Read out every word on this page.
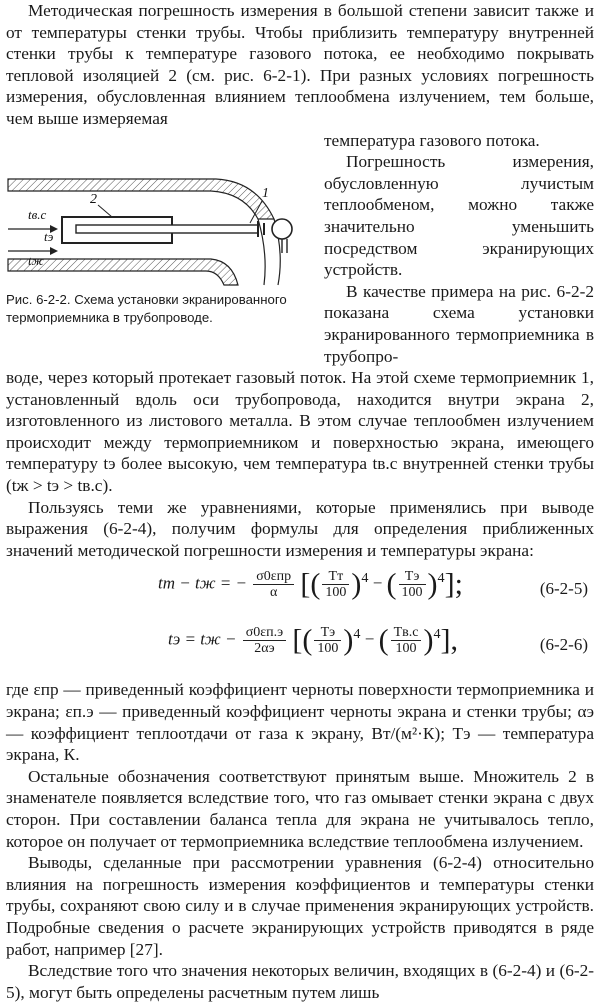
Методическая погрешность измерения в большой степени зависит также и от температуры стенки трубы. Чтобы приблизить температуру внутренней стенки трубы к температуре газового потока, ее необходимо покрывать тепловой изоляцией 2 (см. рис. 6-2-1). При разных условиях погрешность измерения, обусловленная влиянием теплообмена излучением, тем больше, чем выше измеряемая

температура газового потока.

2	1
tв.с
tэ
tж

Рис. 6-2-2. Схема установки экранированного термоприемника в трубопроводе.

Погрешность измерения, обусловленную лучистым теплообменом, можно также значительно уменьшить посредством экранирующих устройств.

В качестве примера на рис. 6-2-2 показана схема установки экранированного термоприемника в трубопро-

воде, через который протекает газовый поток. На этой схеме термоприемник 1, установленный вдоль оси трубопровода, находится внутри экрана 2, изготовленного из листового металла. В этом случае теплообмен излучением происходит между термоприемником и поверхностью экрана, имеющего температуру tэ более высокую, чем температура tв.с внутренней стенки трубы (tж > tэ > tв.с).

Пользуясь теми же уравнениями, которые применялись при выводе выражения (6-2-4), получим формулы для определения приближенных значений методической погрешности измерения и температуры экрана:

tт − tж = − $\frac{\text{σ0εпр}}{\alpha}$ [( $\frac{Tт}{100} )^4$ − ( $\frac{Tэ}{100} )^4$];	(6-2-5)
tэ = tж − $\frac{\sigma 0\varepsilon п.э}{2\alpha э}$ [( $\frac{Tэ}{100} )^4$ − ( $\frac{Tв.с}{100} )^4$],	(6-2-6)

где εпр — приведенный коэффициент черноты поверхности термоприемника и экрана; εп.э — приведенный коэффициент черноты экрана и стенки трубы; αэ — коэффициент теплоотдачи от газа к экрану, Вт/(м²·К); Tэ — температура экрана, К.

Остальные обозначения соответствуют принятым выше. Множитель 2 в знаменателе появляется вследствие того, что газ омывает стенки экрана с двух сторон. При составлении баланса тепла для экрана не учитывалось тепло, которое он получает от термоприемника вследствие теплообмена излучением.

Выводы, сделанные при рассмотрении уравнения (6-2-4) относительно влияния на погрешность измерения коэффициентов и температуры стенки трубы, сохраняют свою силу и в случае применения экранирующих устройств. Подробные сведения о расчете экранирующих устройств приводятся в ряде работ, например [27].

Вследствие того что значения некоторых величин, входящих в (6-2-4) и (6-2-5), могут быть определены расчетным путем лишь
